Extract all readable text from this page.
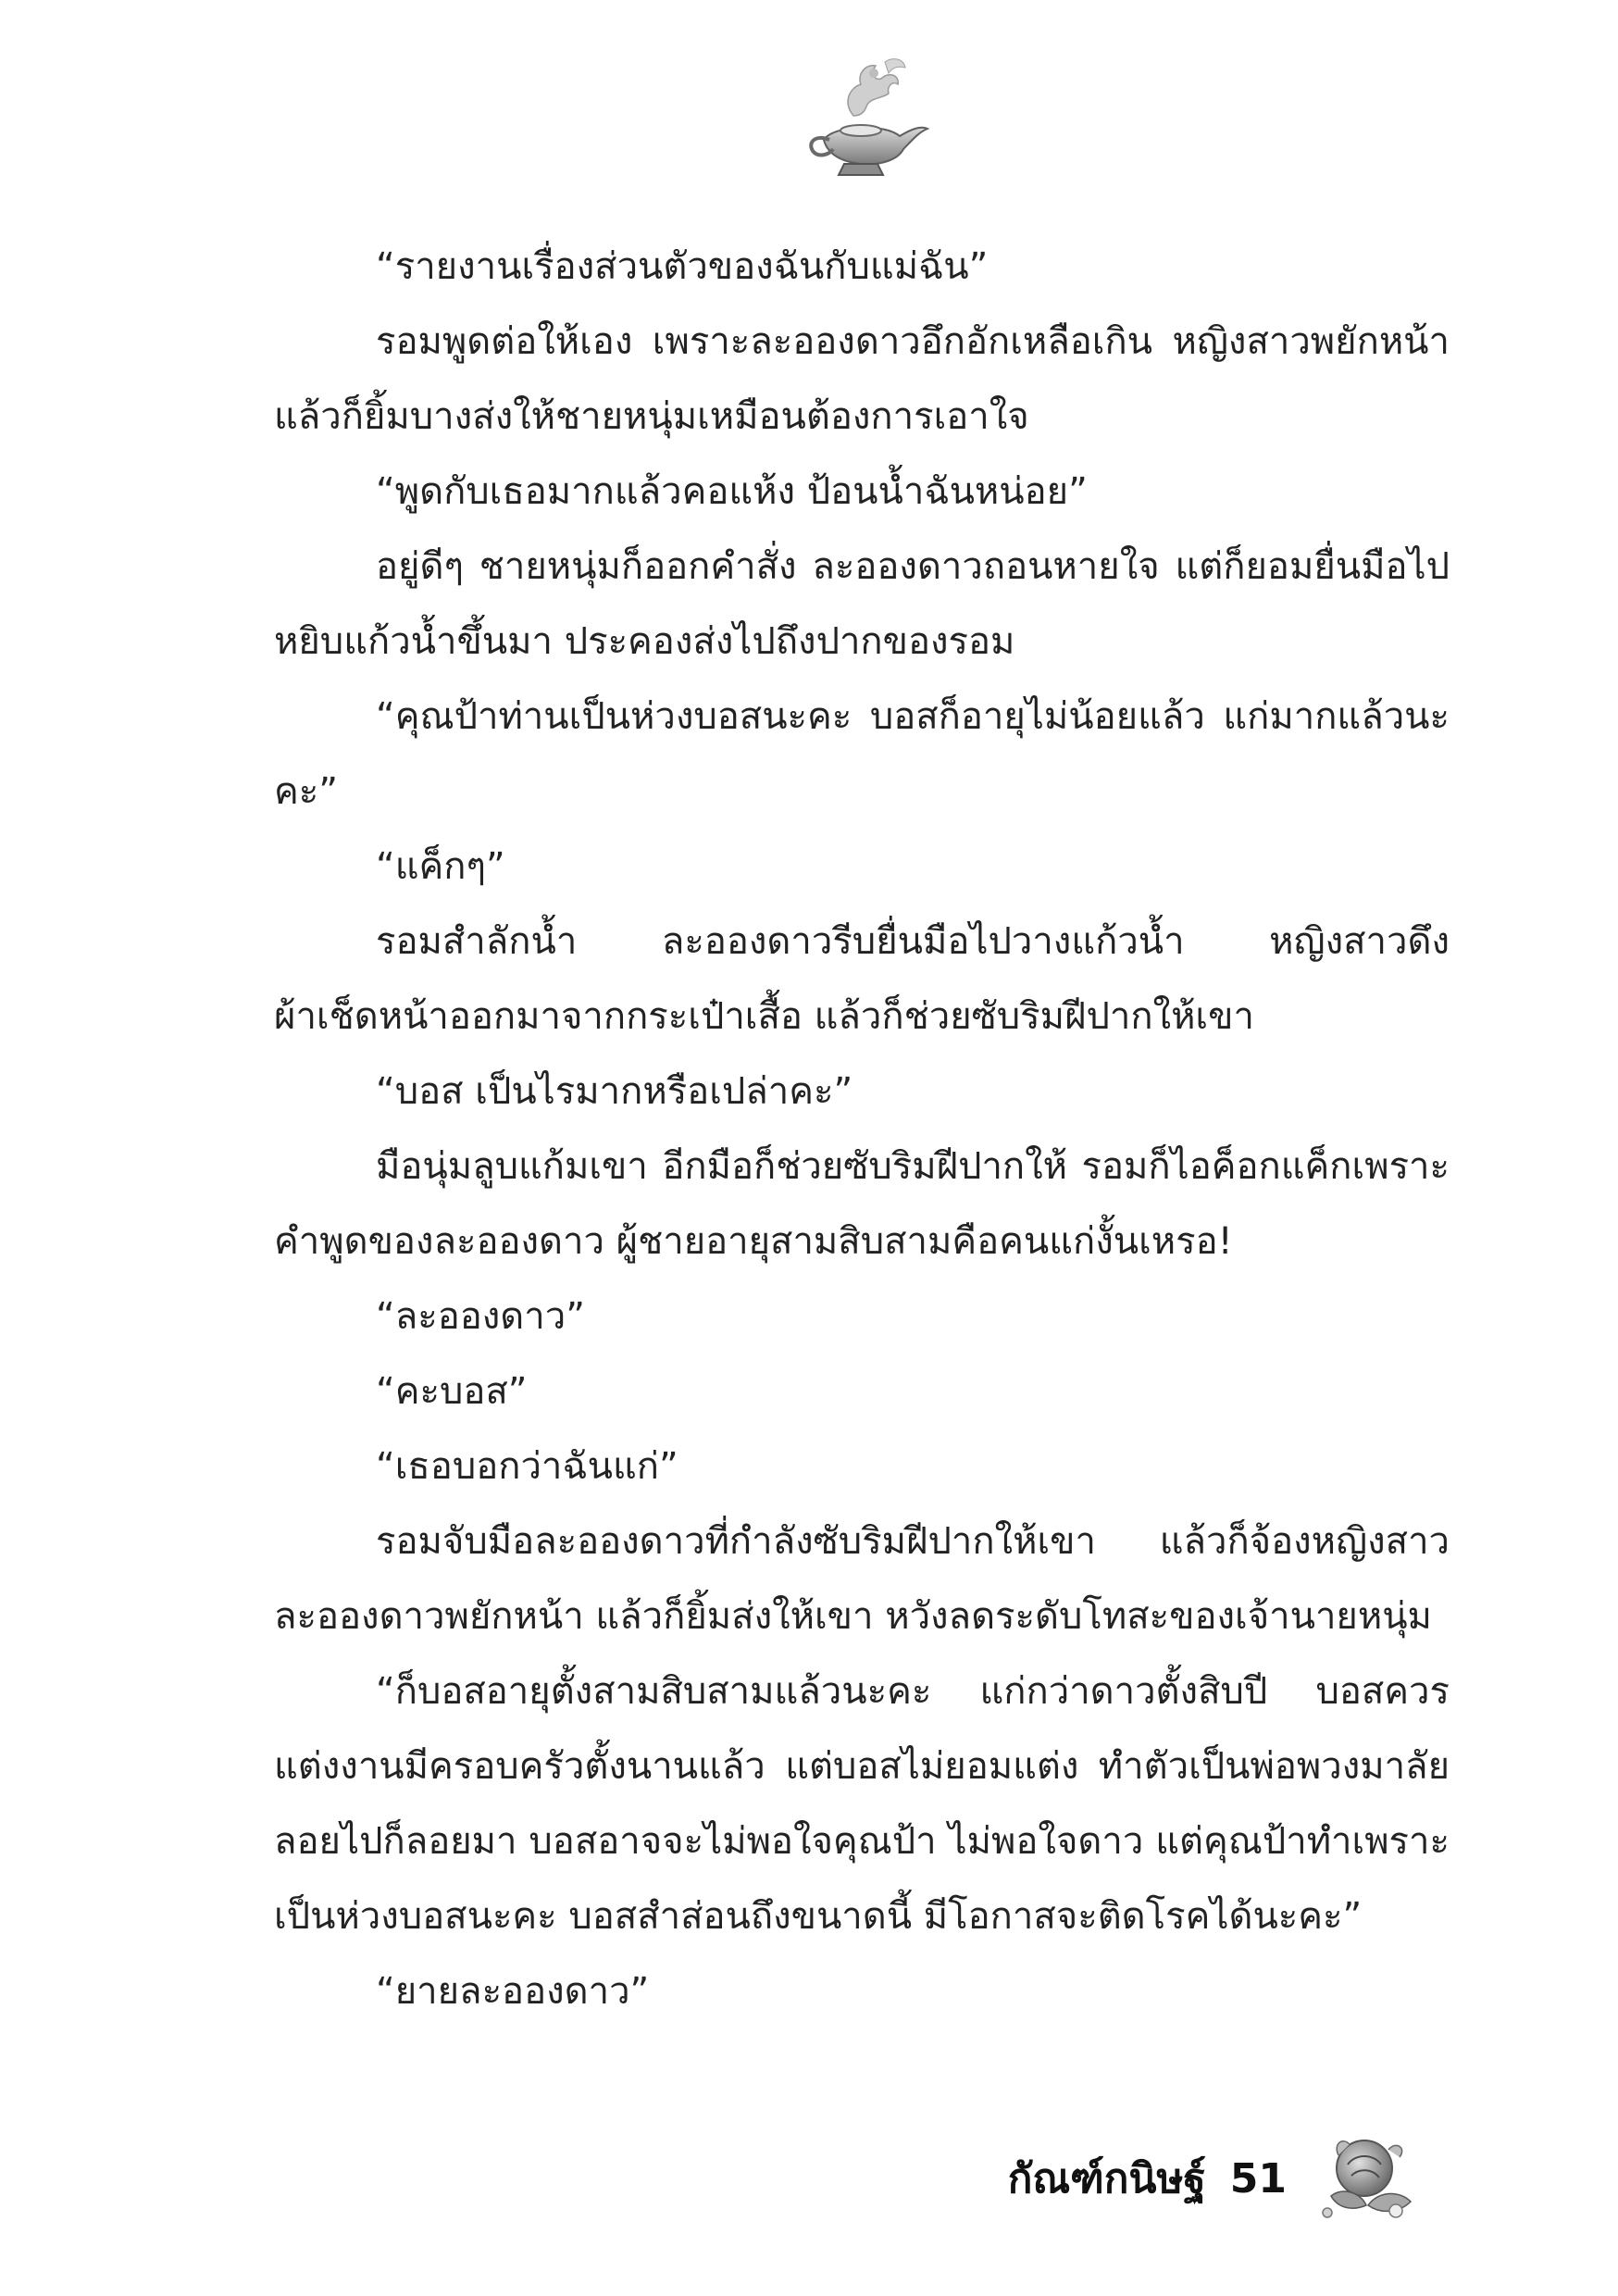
“รายงานเรื่องส่วนตัวของฉันกับแม่ฉัน”

รอมพูดต่อให้เอง เพราะละอองดาวอึกอักเหลือเกิน หญิงสาวพยักหน้า แล้วก็ยิ้มบางส่งให้ชายหนุ่มเหมือนต้องการเอาใจ

“พูดกับเธอมากแล้วคอแห้ง ป้อนน้ำฉันหน่อย”

อยู่ดีๆ ชายหนุ่มก็ออกคำสั่ง ละอองดาวถอนหายใจ แต่ก็ยอมยื่นมือไปหยิบแก้วน้ำขึ้นมา ประคองส่งไปถึงปากของรอม

“คุณป้าท่านเป็นห่วงบอสนะคะ บอสก็อายุไม่น้อยแล้ว แก่มากแล้วนะคะ”

“แค็กๆ”

รอมสำลักน้ำ ละอองดาวรีบยื่นมือไปวางแก้วน้ำ หญิงสาวดึงผ้าเช็ดหน้าออกมาจากกระเป๋าเสื้อ แล้วก็ช่วยซับริมฝีปากให้เขา

“บอส เป็นไรมากหรือเปล่าคะ”

มือนุ่มลูบแก้มเขา อีกมือก็ช่วยซับริมฝีปากให้ รอมก็ไอค็อกแค็กเพราะคำพูดของละอองดาว ผู้ชายอายุสามสิบสามคือคนแก่งั้นเหรอ!

“ละอองดาว”

“คะบอส”

“เธอบอกว่าฉันแก่”

รอมจับมือละอองดาวที่กำลังซับริมฝีปากให้เขา แล้วก็จ้องหญิงสาว ละอองดาวพยักหน้า แล้วก็ยิ้มส่งให้เขา หวังลดระดับโทสะของเจ้านายหนุ่ม

“ก็บอสอายุตั้งสามสิบสามแล้วนะคะ แก่กว่าดาวตั้งสิบปี บอสควรแต่งงานมีครอบครัวตั้งนานแล้ว แต่บอสไม่ยอมแต่ง ทำตัวเป็นพ่อพวงมาลัย ลอยไปก็ลอยมา บอสอาจจะไม่พอใจคุณป้า ไม่พอใจดาว แต่คุณป้าทำเพราะเป็นห่วงบอสนะคะ บอสสำส่อนถึงขนาดนี้ มีโอกาสจะติดโรคได้นะคะ”

“ยายละอองดาว”

กัณฑ์กนิษฐ์ 51
